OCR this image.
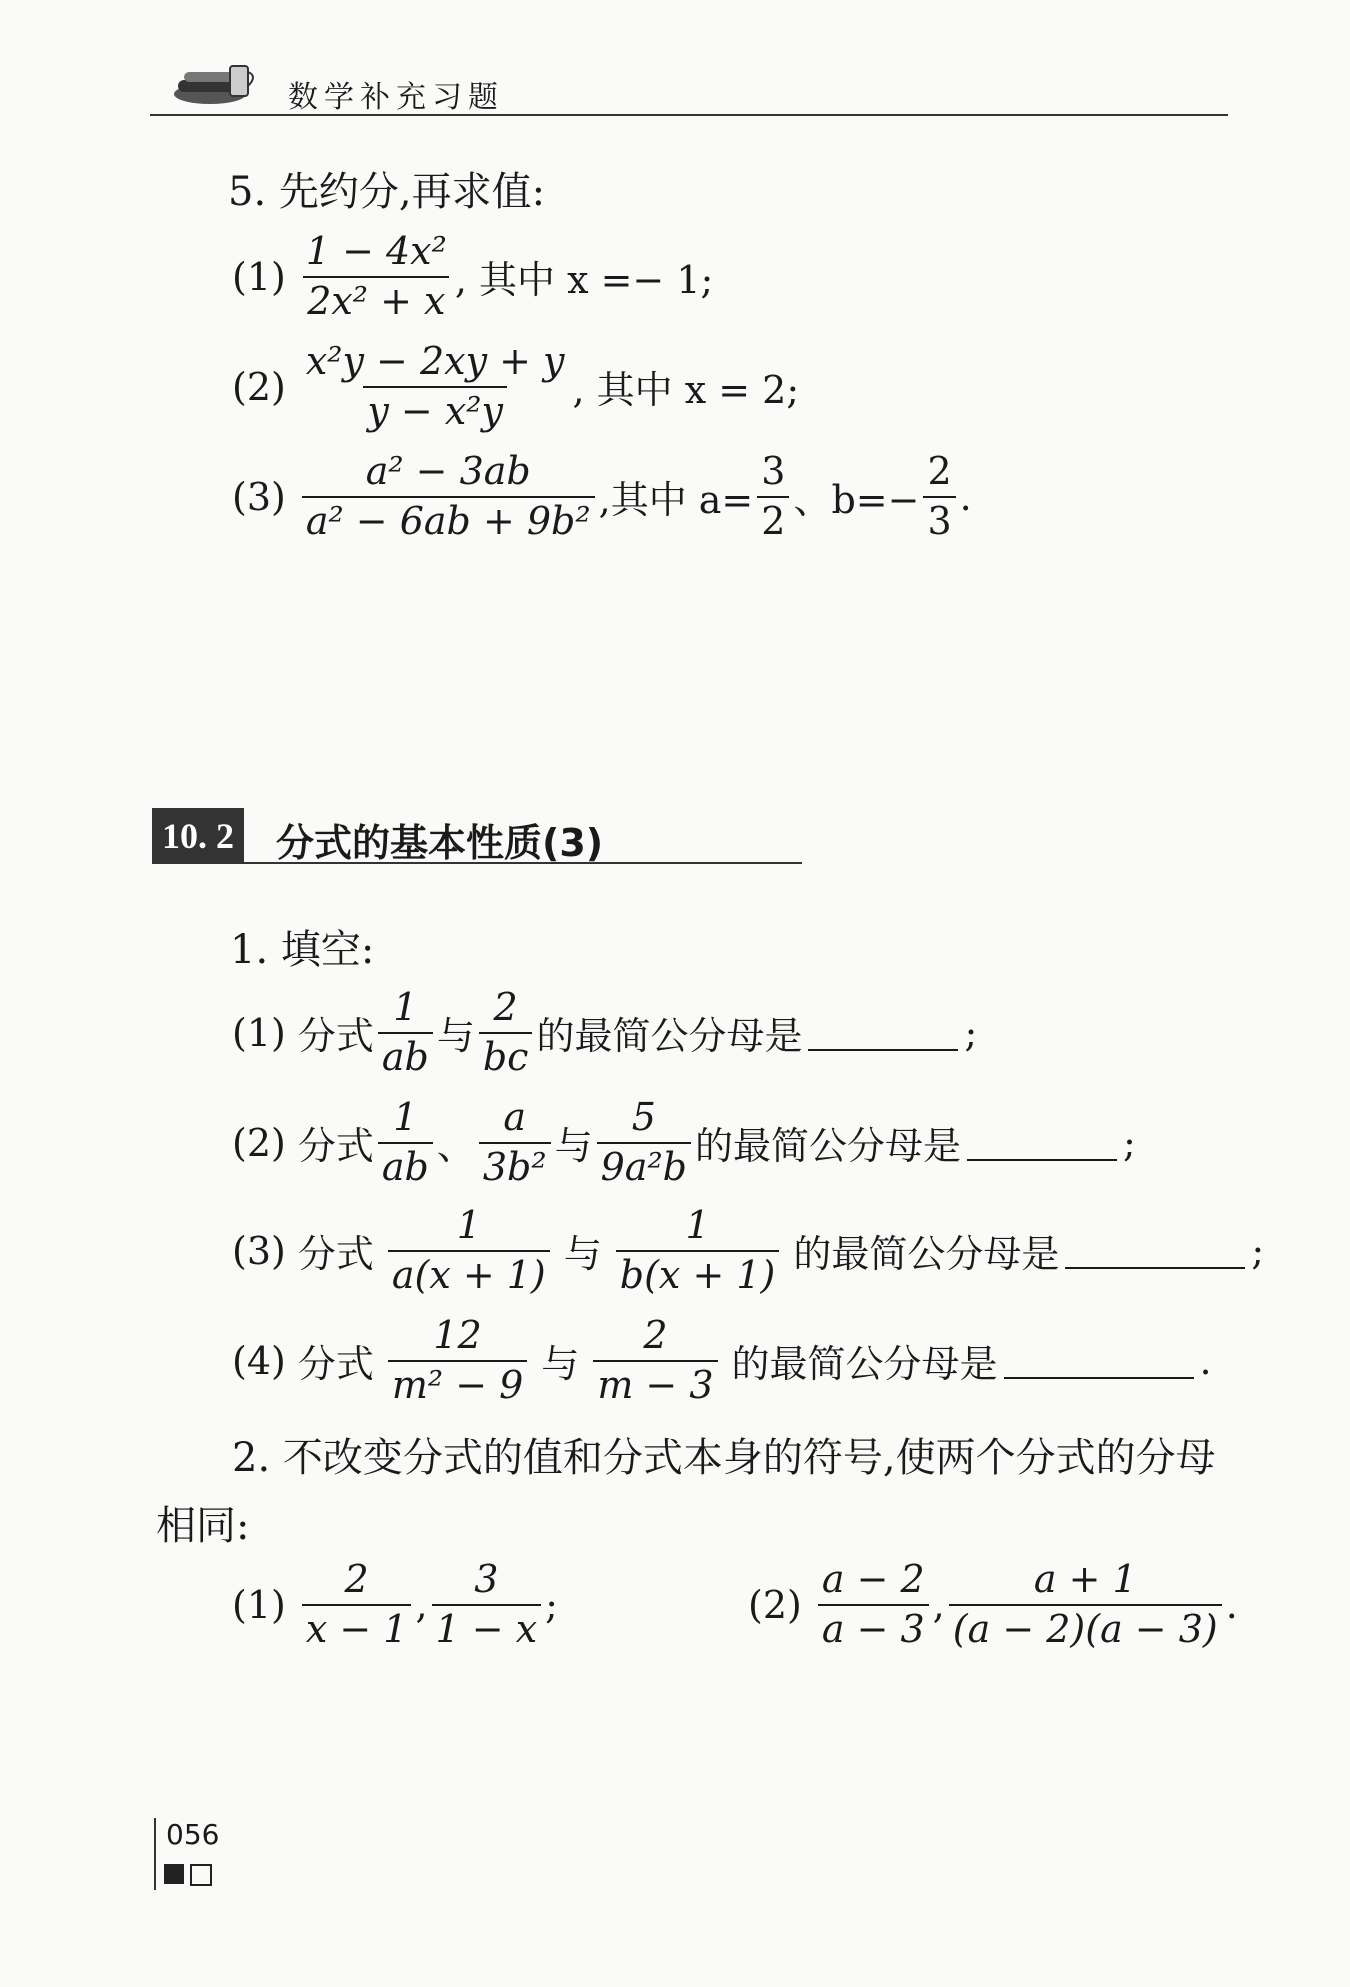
数学补充习题
5. 先约分,再求值:
$(1) \frac{\text{1 − 4x²}}{\text{2x² + x}}$ , 其中 x =− 1;
$(2) \frac{\text{x²y − 2xy + y}}{\text{y − x²y}}$ , 其中 x = 2;
$(3) \frac{\text{a² − 3ab}}{\text{a² − 6ab + 9b²}}$ ,其中 $a= \frac{3}{2}$ 、$b=- \frac{2}{3}$ .
10. 2 分式的基本性质(3)
1. 填空:
(1) 分式 $\frac{1}{ab}$ 与 $\frac{2}{bc}$ 的最简公分母是	;
(2) 分式 $\frac{1}{ab}$ 、 $\frac{a}{\text{3b²}}$ 与 $\frac{5}{\text{9a²b}}$ 的最简公分母是	;
(3) 分式 $\frac{1}{a(x + 1)}$ 与 $\frac{1}{b(x + 1)}$ 的最简公分母是	;
(4) 分式 $\frac{12}{\text{m² − 9}}$ 与 $\frac{2}{m - 3}$ 的最简公分母是	.
2. 不改变分式的值和分式本身的符号,使两个分式的分母
相同:
$(1) \frac{2}{x - 1}$ , $\frac{3}{1 - x}$ ;	$(2) \frac{a - 2}{a - 3}$ , $\frac{a + 1}{(a - 2)(a - 3)}$ .
056
